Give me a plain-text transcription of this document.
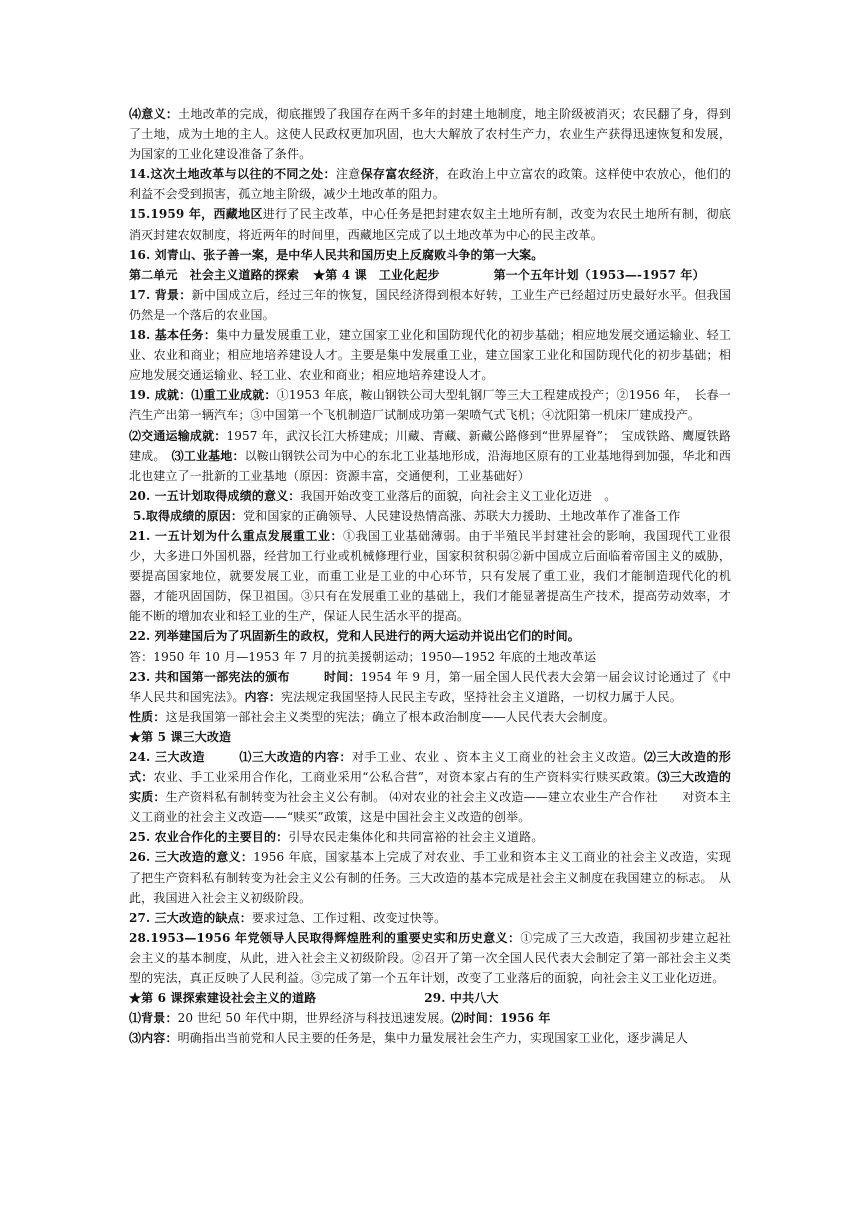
⑷意义：土地改革的完成，彻底摧毁了我国存在两千多年的封建土地制度，地主阶级被消灭；农民翻了身，得到了土地，成为土地的主人。这使人民政权更加巩固，也大大解放了农村生产力，农业生产获得迅速恢复和发展，为国家的工业化建设准备了条件。

14.这次土地改革与以往的不同之处：注意保存富农经济，在政治上中立富农的政策。这样使中农放心，他们的利益不会受到损害，孤立地主阶级，减少土地改革的阻力。

15.1959 年，西藏地区进行了民主改革，中心任务是把封建农奴主土地所有制，改变为农民土地所有制，彻底消灭封建农奴制度，将近两年的时间里，西藏地区完成了以土地改革为中心的民主改革。

16. 刘青山、张子善一案，是中华人民共和国历史上反腐败斗争的第一大案。

第二单元　社会主义道路的探索 ★第 4 课　工业化起步	第一个五年计划（1953—-1957 年）

17. 背景：新中国成立后，经过三年的恢复，国民经济得到根本好转，工业生产已经超过历史最好水平。但我国仍然是一个落后的农业国。

18. 基本任务：集中力量发展重工业，建立国家工业化和国防现代化的初步基础；相应地发展交通运输业、轻工业、农业和商业；相应地培养建设人才。主要是集中发展重工业，建立国家工业化和国防现代化的初步基础；相应地发展交通运输业、轻工业、农业和商业；相应地培养建设人才。

19. 成就：⑴重工业成就：①1953 年底，鞍山钢铁公司大型轧钢厂等三大工程建成投产；②1956 年，　长春一汽生产出第一辆汽车；③中国第一个飞机制造厂试制成功第一架喷气式飞机；④沈阳第一机床厂建成投产。

⑵交通运输成就：1957 年，武汉长江大桥建成；川藏、青藏、新藏公路修到“世界屋脊”；　宝成铁路、鹰厦铁路建成。　⑶工业基地：以鞍山钢铁公司为中心的东北工业基地形成，沿海地区原有的工业基地得到加强，华北和西北也建立了一批新的工业基地（原因：资源丰富，交通便利，工业基础好）

20. 一五计划取得成绩的意义：我国开始改变工业落后的面貌，向社会主义工业化迈进　。

5.取得成绩的原因：党和国家的正确领导、人民建设热情高涨、苏联大力援助、土地改革作了准备工作

21. 一五计划为什么重点发展重工业：①我国工业基础薄弱。由于半殖民半封建社会的影响，我国现代工业很少，大多进口外国机器，经营加工行业或机械修理行业，国家积贫积弱②新中国成立后面临着帝国主义的威胁，要提高国家地位，就要发展工业，而重工业是工业的中心环节，只有发展了重工业，我们才能制造现代化的机器，才能巩固国防，保卫祖国。③只有在发展重工业的基础上，我们才能显著提高生产技术，提高劳动效率，才能不断的增加农业和轻工业的生产，保证人民生活水平的提高。

22. 列举建国后为了巩固新生的政权，党和人民进行的两大运动并说出它们的时间。

答：1950 年 10 月—1953 年 7 月的抗美援朝运动；1950—1952 年底的土地改革运

23. 共和国第一部宪法的颁布	时间：1954 年 9 月，第一届全国人民代表大会第一届会议讨论通过了《中华人民共和国宪法》。内容：宪法规定我国坚持人民民主专政，坚持社会主义道路，一切权力属于人民。
性质：这是我国第一部社会主义类型的宪法；确立了根本政治制度——人民代表大会制度。

★第 5 课三大改造

24. 三大改造	⑴三大改造的内容：对手工业、农业 、资本主义工商业的社会主义改造。⑵三大改造的形式：农业、手工业采用合作化，工商业采用“公私合营”，对资本家占有的生产资料实行赎买政策。⑶三大改造的实质：生产资料私有制转变为社会主义公有制。 ⑷对农业的社会主义改造——建立农业生产合作社　　对资本主义工商业的社会主义改造——“赎买”政策，这是中国社会主义改造的创举。

25. 农业合作化的主要目的：引导农民走集体化和共同富裕的社会主义道路。

26. 三大改造的意义：1956 年底，国家基本上完成了对农业、手工业和资本主义工商业的社会主义改造，实现了把生产资料私有制转变为社会主义公有制的任务。三大改造的基本完成是社会主义制度在我国建立的标志。　从此，我国进入社会主义初级阶段。

27. 三大改造的缺点：要求过急、工作过粗、改变过快等。

28.1953—1956 年党领导人民取得辉煌胜利的重要史实和历史意义：①完成了三大改造，我国初步建立起社会主义的基本制度，从此，进入社会主义初级阶段。②召开了第一次全国人民代表大会制定了第一部社会主义类型的宪法，真正反映了人民利益。③完成了第一个五年计划，改变了工业落后的面貌，向社会主义工业化迈进。

★第 6 课探索建设社会主义的道路	29. 中共八大

⑴背景：20 世纪 50 年代中期，世界经济与科技迅速发展。⑵时间：1956 年

⑶内容：明确指出当前党和人民主要的任务是，集中力量发展社会生产力，实现国家工业化，逐步满足人
